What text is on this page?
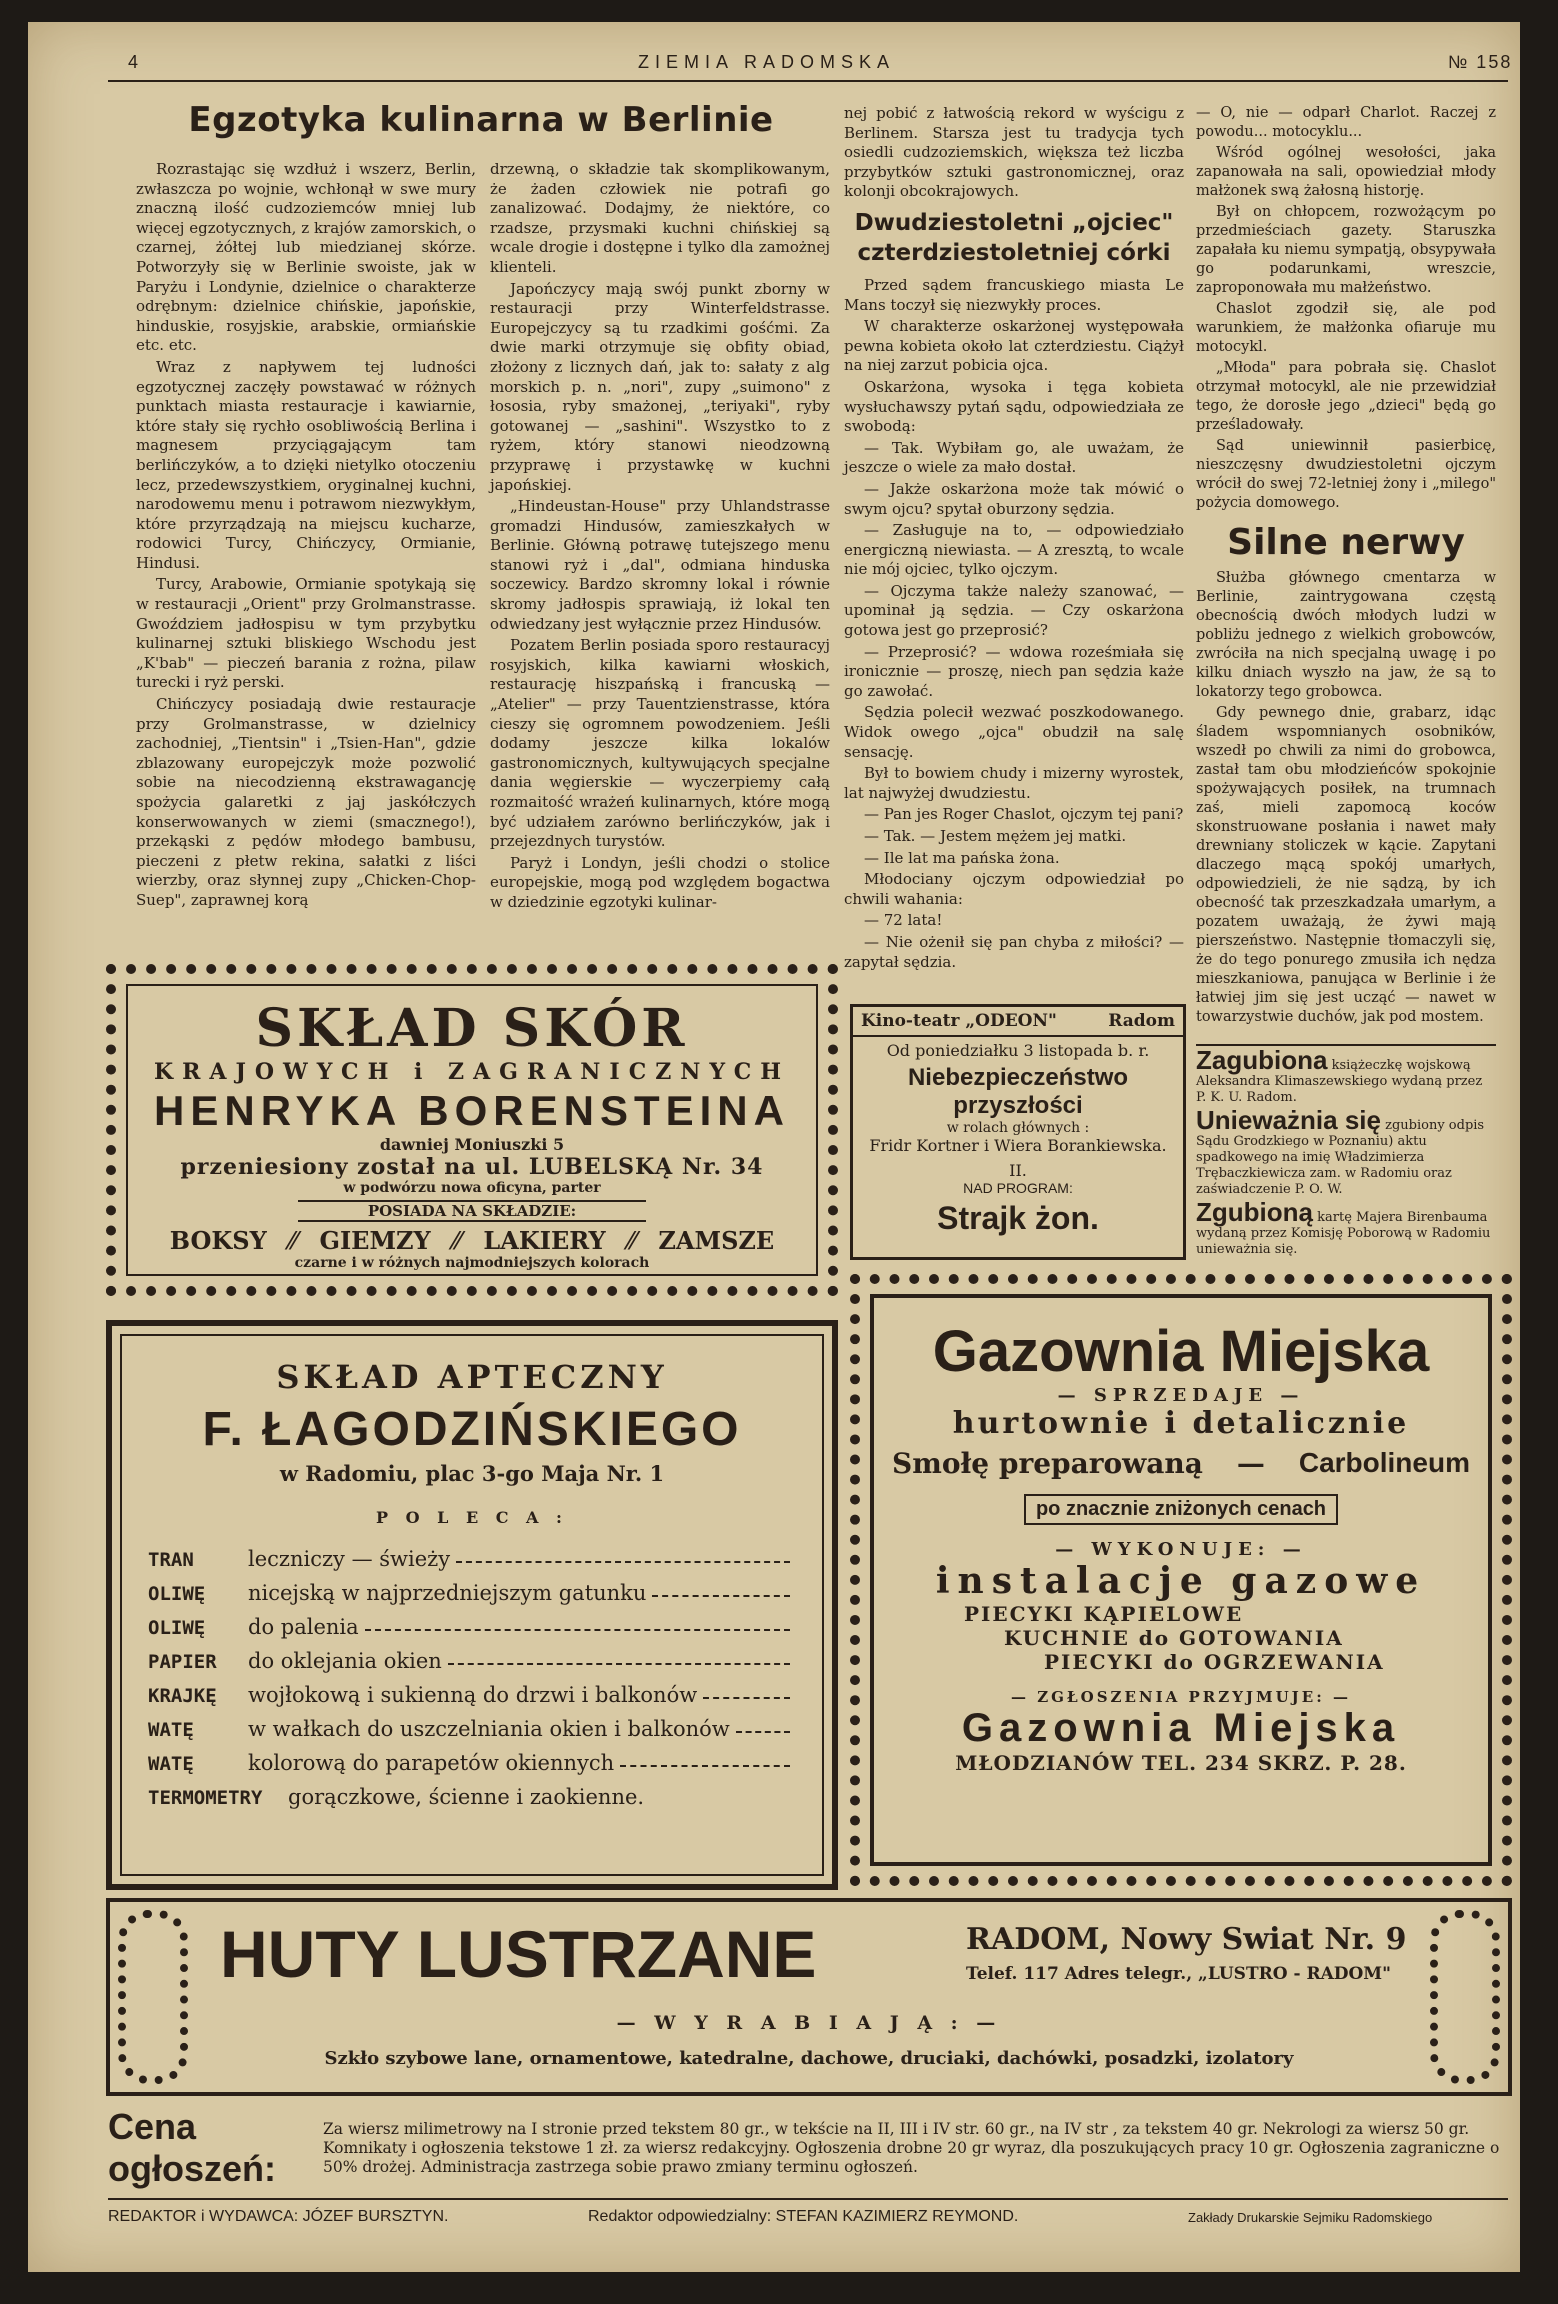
4	ZIEMIA RADOMSKA	№ 158
Egzotyka kulinarna w Berlinie

Rozrastając się wzdłuż i wszerz, Berlin, zwłaszcza po wojnie, wchłonął w swe mury znaczną ilość cudzoziemców mniej lub więcej egzotycznych, z krajów zamorskich, o czarnej, żółtej lub miedzianej skórze. Potworzyły się w Berlinie swoiste, jak w Paryżu i Londynie, dzielnice o charakterze odrębnym: dzielnice chińskie, japońskie, hinduskie, rosyjskie, arabskie, ormiańskie etc. etc.

Wraz z napływem tej ludności egzotycznej zaczęły powstawać w różnych punktach miasta restauracje i kawiarnie, które stały się rychło osobliwością Berlina i magnesem przyciągającym tam berlińczyków, a to dzięki nietylko otoczeniu lecz, przedewszystkiem, oryginalnej kuchni, narodowemu menu i potrawom niezwykłym, które przyrządzają na miejscu kucharze, rodowici Turcy, Chińczycy, Ormianie, Hindusi.

Turcy, Arabowie, Ormianie spotykają się w restauracji „Orient" przy Grolmanstrasse. Gwoździem jadłospisu w tym przybytku kulinarnej sztuki bliskiego Wschodu jest „K'bab" — pieczeń barania z rożna, pilaw turecki i ryż perski.

Chińczycy posiadają dwie restauracje przy Grolmanstrasse, w dzielnicy zachodniej, „Tientsin" i „Tsien-Han", gdzie zblazowany europejczyk może pozwolić sobie na niecodzienną ekstrawagancję spożycia galaretki z jaj jaskółczych konserwowanych w ziemi (smacznego!), przekąski z pędów młodego bambusu, pieczeni z płetw rekina, sałatki z liści wierzby, oraz słynnej zupy „Chicken-Chop-Suep", zaprawnej korą

drzewną, o składzie tak skomplikowanym, że żaden człowiek nie potrafi go zanalizować. Dodajmy, że niektóre, co rzadsze, przysmaki kuchni chińskiej są wcale drogie i dostępne i tylko dla zamożnej klienteli.

Japończycy mają swój punkt zborny w restauracji przy Winterfeldstrasse. Europejczycy są tu rzadkimi gośćmi. Za dwie marki otrzymuje się obfity obiad, złożony z licznych dań, jak to: sałaty z alg morskich p. n. „nori", zupy „suimono" z łososia, ryby smażonej, „teriyaki", ryby gotowanej — „sashini". Wszystko to z ryżem, który stanowi nieodzowną przyprawę i przystawkę w kuchni japońskiej.

„Hindeustan-House" przy Uhlandstrasse gromadzi Hindusów, zamieszkałych w Berlinie. Główną potrawę tutejszego menu stanowi ryż i „dal", odmiana hinduska soczewicy. Bardzo skromny lokal i równie skromy jadłospis sprawiają, iż lokal ten odwiedzany jest wyłącznie przez Hindusów.

Pozatem Berlin posiada sporo restauracyj rosyjskich, kilka kawiarni włoskich, restaurację hiszpańską i francuską — „Atelier" — przy Tauentzienstrasse, która cieszy się ogromnem powodzeniem. Jeśli dodamy jeszcze kilka lokalów gastronomicznych, kultywujących specjalne dania węgierskie — wyczerpiemy całą rozmaitość wrażeń kulinarnych, które mogą być udziałem zarówno berlińczyków, jak i przejezdnych turystów.

Paryż i Londyn, jeśli chodzi o stolice europejskie, mogą pod względem bogactwa w dziedzinie egzotyki kulinar-

nej pobić z łatwością rekord w wyścigu z Berlinem. Starsza jest tu tradycja tych osiedli cudzoziemskich, większa też liczba przybytków sztuki gastronomicznej, oraz kolonji obcokrajowych.

Dwudziestoletni „ojciec" czterdziestoletniej córki

Przed sądem francuskiego miasta Le Mans toczył się niezwykły proces.

W charakterze oskarżonej występowała pewna kobieta około lat czterdziestu. Ciążył na niej zarzut pobicia ojca.

Oskarżona, wysoka i tęga kobieta wysłuchawszy pytań sądu, odpowiedziała ze swobodą:

— Tak. Wybiłam go, ale uważam, że jeszcze o wiele za mało dostał.

— Jakże oskarżona może tak mówić o swym ojcu? spytał oburzony sędzia.

— Zasługuje na to, — odpowiedziało energiczną niewiasta. — A zresztą, to wcale nie mój ojciec, tylko ojczym.

— Ojczyma także należy szanować, — upominał ją sędzia. — Czy oskarżona gotowa jest go przeprosić?

— Przeprosić? — wdowa roześmiała się ironicznie — proszę, niech pan sędzia każe go zawołać.

Sędzia polecił wezwać poszkodowanego. Widok owego „ojca" obudził na salę sensację.

Był to bowiem chudy i mizerny wyrostek, lat najwyżej dwudziestu.

— Pan jes Roger Chaslot, ojczym tej pani?

— Tak. — Jestem mężem jej matki.

— Ile lat ma pańska żona.

Młodocianу ojczym odpowiedział po chwili wahania:

— 72 lata!

— Nie ożenił się pan chyba z miłości? — zapytał sędzia.

— O, nie — odparł Charlot. Raczej z powodu... motocyklu...

Wśród ogólnej wesołości, jaka zapanowała na sali, opowiedział młody małżonek swą żałosną historję.

Był on chłopcem, rozwożącym po przedmieściach gazety. Staruszka zapałała ku niemu sympatją, obsypywała go podarunkami, wreszcie, zaproponowała mu małżeństwo.

Chaslot zgodził się, ale pod warunkiem, że małżonka ofiaruje mu motocykl.

„Młoda" para pobrała się. Chaslot otrzymał motocykl, ale nie przewidział tego, że dorosłe jego „dzieci" będą go prześladowały.

Sąd uniewinnił pasierbicę, nieszczęsny dwudziestoletni ojczym wrócił do swej 72-letniej żony i „milego" pożycia domowego.

Silne nerwy

Służba głównego cmentarza w Berlinie, zaintrygowana częstą obecnością dwóch młodych ludzi w pobliżu jednego z wielkich grobowców, zwróciła na nich specjalną uwagę i po kilku dniach wyszło na jaw, że są to lokatorzy tego grobowca.

Gdy pewnego dnie, grabarz, idąc śladem wspomnianych osobników, wszedł po chwili za nimi do grobowca, zastał tam obu młodzieńców spokojnie spożywających posiłek, na trumnach zaś, mieli zapomocą koców skonstruowane posłania i nawet mały drewniany stoliczek w kącie. Zapytani dlaczego mącą spokój umarłych, odpowiedzieli, że nie sądzą, by ich obecność tak przeszkadzała umarłym, a pozatem uważają, że żywi mają pierszeństwo. Następnie tłomaczyli się, że do tego ponurego zmusiła ich nędza mieszkaniowa, panująca w Berlinie i że łatwiej jim się jest ucząć — nawet w towarzystwie duchów, jak pod mostem.

Zagubiona książeczkę wojskową Aleksandra Klimaszewskiego wydaną przez P. K. U. Radom.
Unieważnia się zgubiony odpis Sądu Grodzkiego w Poznaniu) aktu spadkowego na imię Władzimierza Trębaczkiewicza zam. w Radomiu oraz zaświadczenie P. O. W.
Zgubioną kartę Majera Birenbauma wydaną przez Komisję Poborową w Radomiu unieważnia się.
SKŁAD SKÓR
KRAJOWYCH i ZAGRANICZNYCH
HENRYKA BORENSTEINA
dawniej Moniuszki 5
przeniesiony został na ul. LUBELSKĄ Nr. 34
w podwórzu nowa oficyna, parter
POSIADA NA SKŁADZIE:
BOKSY ⁄⁄ GIEMZY ⁄⁄ LAKIERY ⁄⁄ ZAMSZE
czarne i w różnych najmodniejszych kolorach
Kino-teatr „ODEON"	Radom
Od poniedziałku 3 listopada b. r.
Niebezpieczeństwo przyszłości
w rolach głównych :
Fridr Kortner i Wiera Borankiewska.
II.
NAD PROGRAM:
Strajk żon.
SKŁAD APTECZNY
F. ŁAGODZIŃSKIEGO
w Radomiu, plac 3-go Maja Nr. 1
P O L E C A :
TRAN	leczniczy — świeży
OLIWĘ	nicejską w najprzedniejszym gatunku
OLIWĘ	do palenia
PAPIER	do oklejania okien
KRAJKĘ	wojłokową i sukienną do drzwi i balkonów
WATĘ	w wałkach do uszczelniania okien i balkonów
WATĘ	kolorową do parapetów okiennych
TERMOMETRY	gorączkowe, ścienne i zaokienne.
Gazownia Miejska
— SPRZEDAJE —
hurtownie i detalicznie
Smołę preparowaną — Carbolineum
po znacznie zniżonych cenach
— WYKONUJE: —
instalacje gazowe
PIECYKI KĄPIELOWE
KUCHNIE do GOTOWANIA
PIECYKI do OGRZEWANIA
— ZGŁOSZENIA PRZYJMUJE: —
Gazownia Miejska
MŁODZIANÓW TEL. 234 SKRZ. P. 28.
HUTY LUSTRZANE	RADOM, Nowy Swiat Nr. 9
Telef. 117 Adres telegr., „LUSTRO - RADOM"
— W Y R A B I A J Ą : —
Szkło szybowe lane, ornamentowe, katedralne, dachowe, druciaki, dachówki, posadzki, izolatory
Cena ogłoszeń:
Za wiersz milimetrowy na I stronie przed tekstem 80 gr., w tekście na II, III i IV str. 60 gr., na IV str , za tekstem 40 gr. Nekrologi za wiersz 50 gr. Komnikaty i ogłoszenia tekstowe 1 zł. za wiersz redakcyjny. Ogłoszenia drobne 20 gr wyraz, dla poszukujących pracy 10 gr. Ogłoszenia zagraniczne o 50% drożej. Administracja zastrzega sobie prawo zmiany terminu ogłoszeń.
REDAKTOR i WYDAWCA: JÓZEF BURSZTYN.	Redaktor odpowiedzialny: STEFAN KAZIMIERZ REYMOND.	Zakłady Drukarskie Sejmiku Radomskiego
